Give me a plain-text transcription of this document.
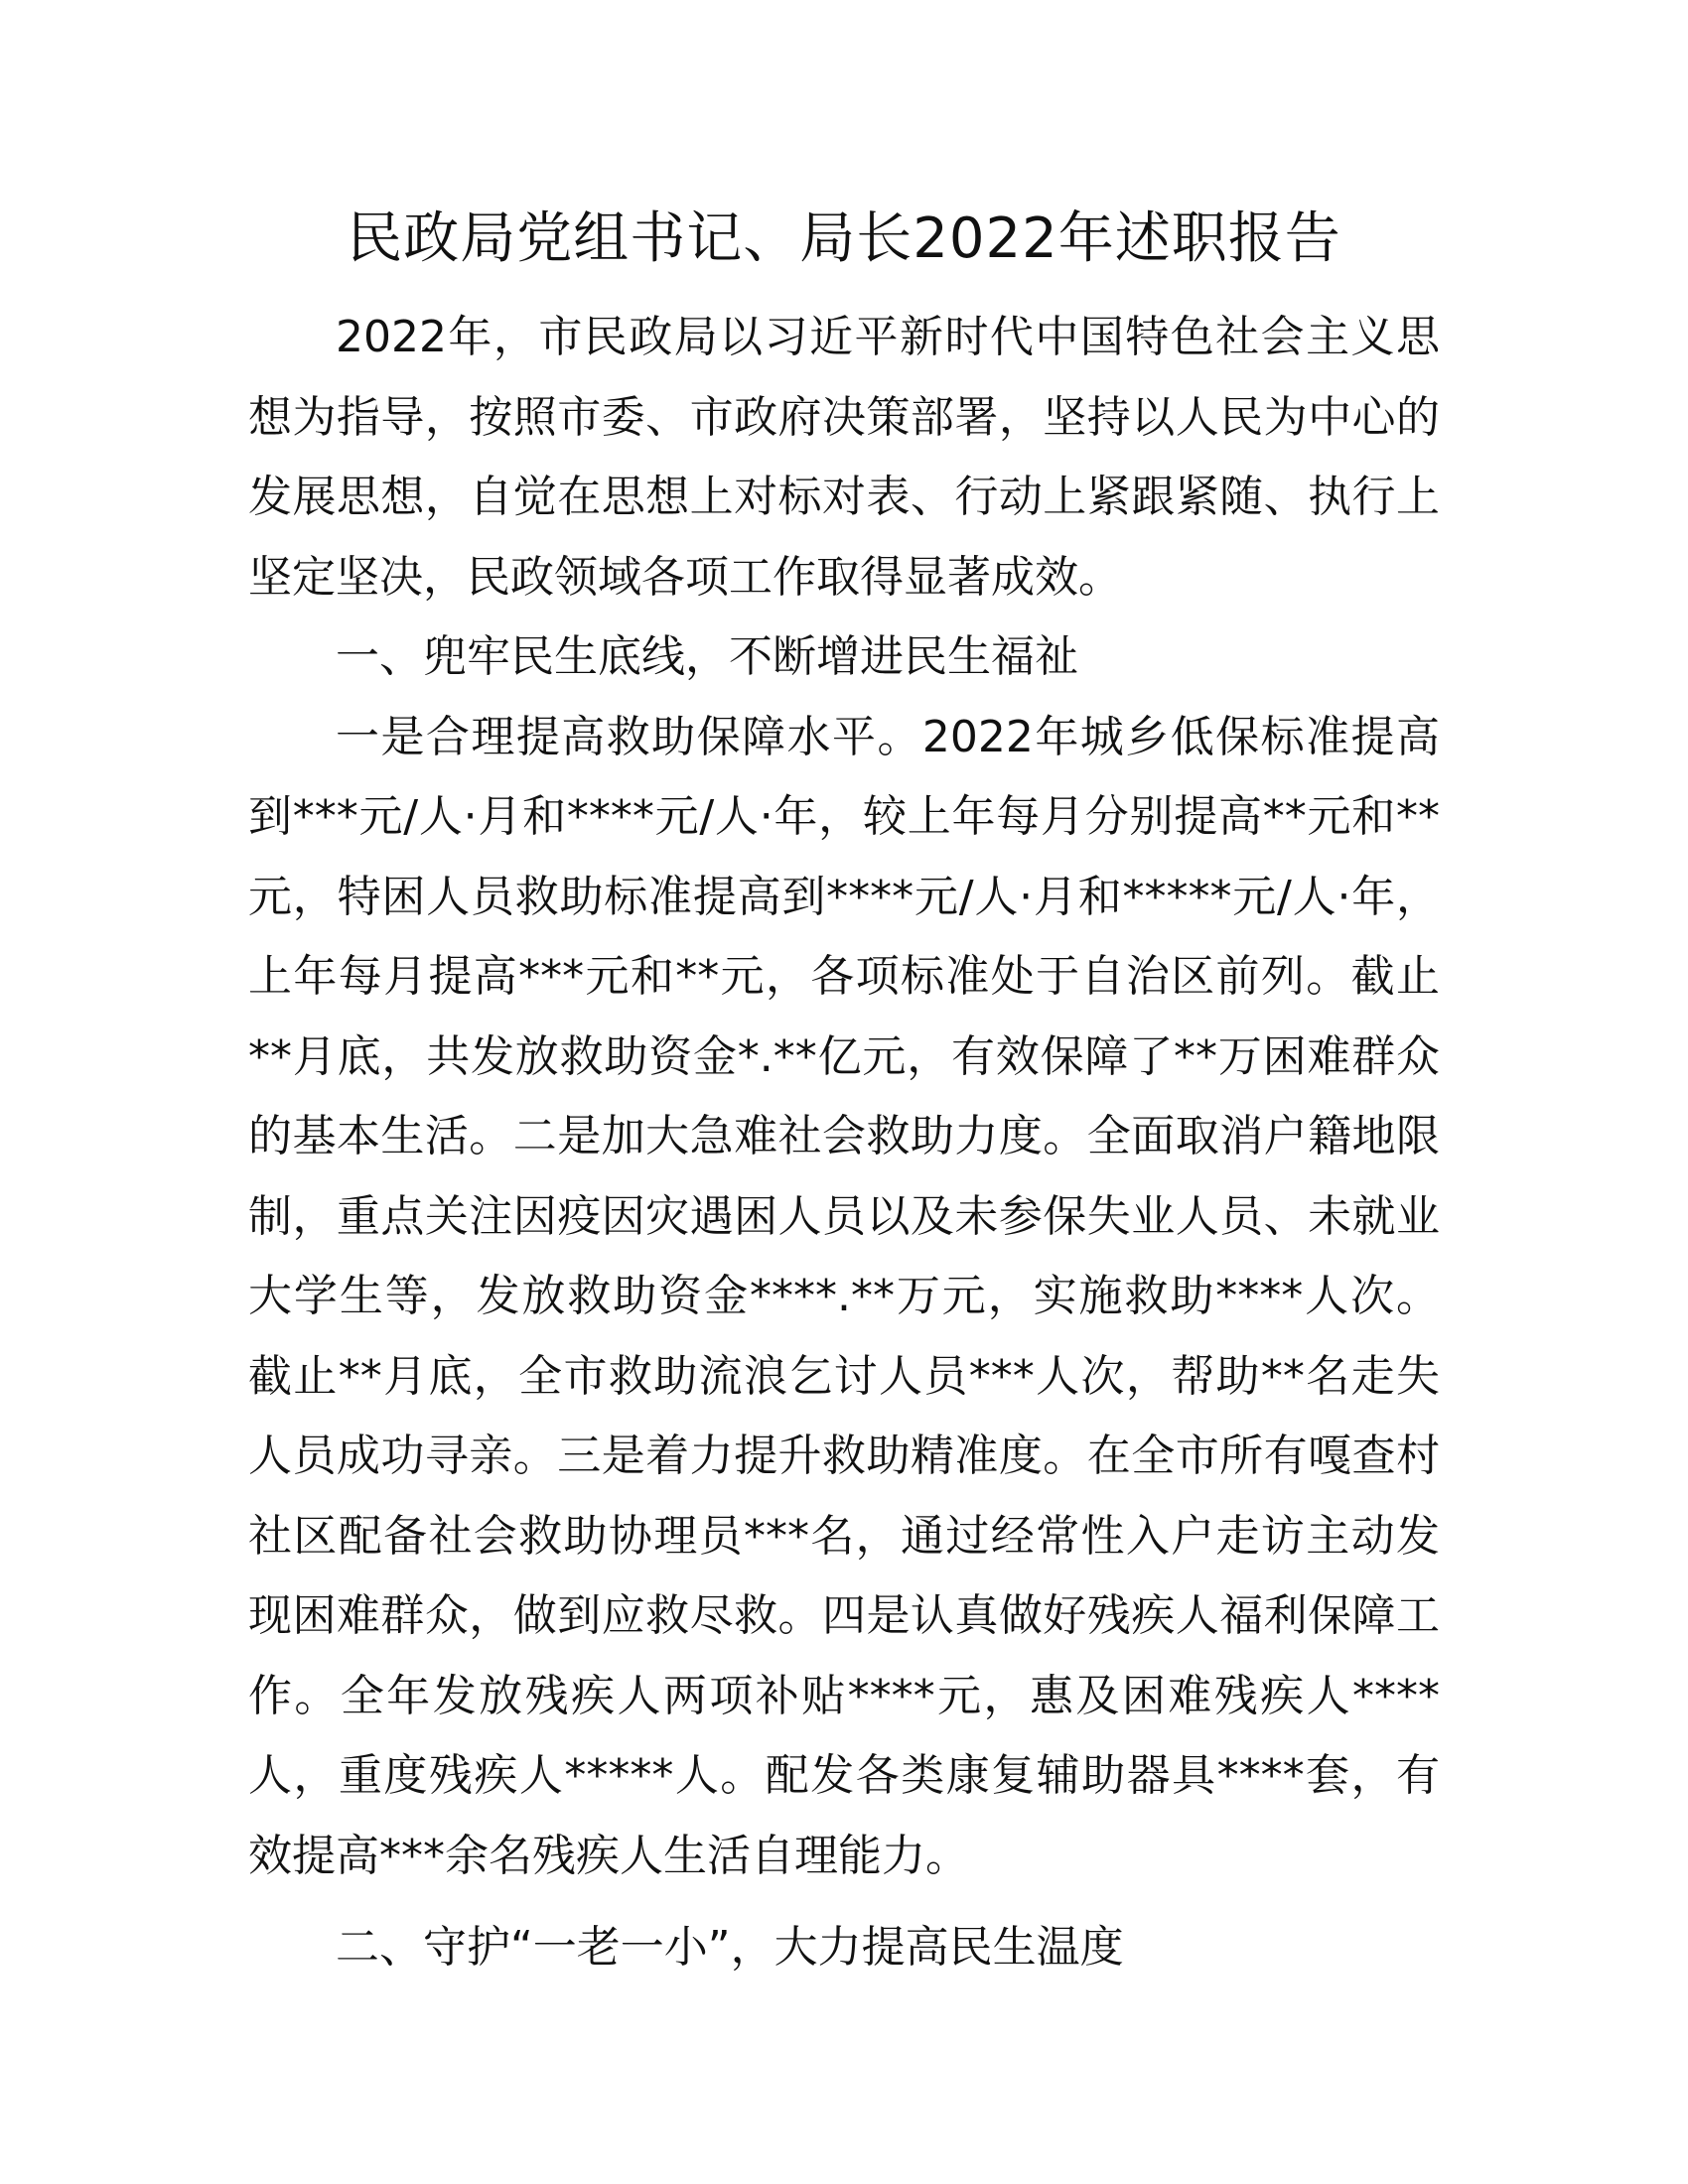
民政局党组书记、局长2022年述职报告

2022年，市民政局以习近平新时代中国特色社会主义思想为指导，按照市委、市政府决策部署，坚持以人民为中心的发展思想，自觉在思想上对标对表、行动上紧跟紧随、执行上坚定坚决，民政领域各项工作取得显著成效。

一、兜牢民生底线，不断增进民生福祉

一是合理提高救助保障水平。2022年城乡低保标准提高到***元/人·月和****元/人·年，较上年每月分别提高**元和**元，特困人员救助标准提高到****元/人·月和*****元/人·年，上年每月提高***元和**元，各项标准处于自治区前列。截止**月底，共发放救助资金*.**亿元，有效保障了**万困难群众的基本生活。二是加大急难社会救助力度。全面取消户籍地限制，重点关注因疫因灾遇困人员以及未参保失业人员、未就业大学生等，发放救助资金****.**万元，实施救助****人次。截止**月底，全市救助流浪乞讨人员***人次，帮助**名走失人员成功寻亲。三是着力提升救助精准度。在全市所有嘎查村社区配备社会救助协理员***名，通过经常性入户走访主动发现困难群众，做到应救尽救。四是认真做好残疾人福利保障工作。全年发放残疾人两项补贴****元，惠及困难残疾人****人，重度残疾人*****人。配发各类康复辅助器具****套，有效提高***余名残疾人生活自理能力。

二、守护“一老一小”，大力提高民生温度
